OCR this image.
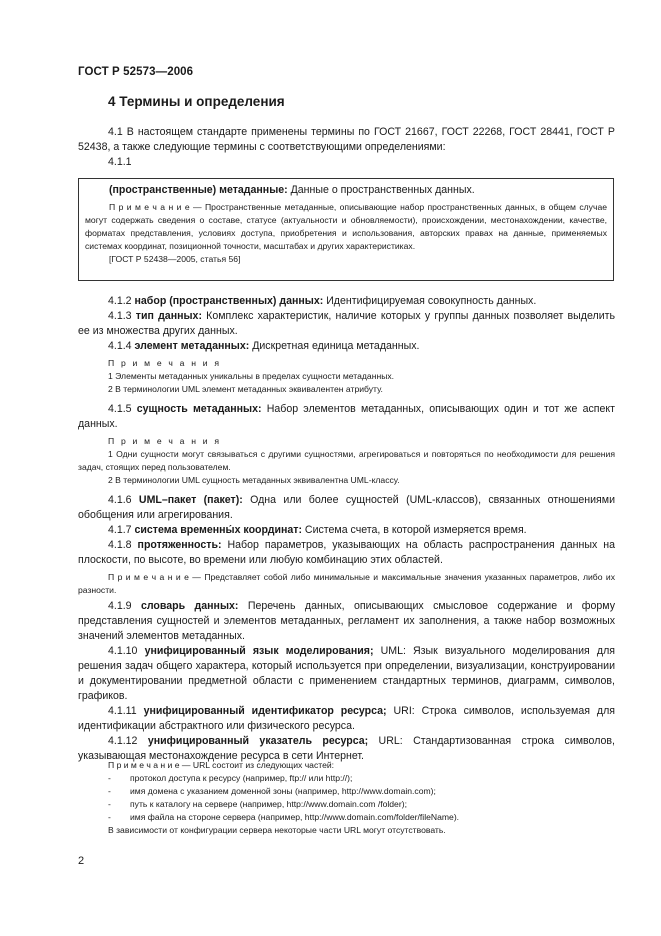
ГОСТ Р 52573—2006
4 Термины и определения

4.1 В настоящем стандарте применены термины по ГОСТ 21667, ГОСТ 22268, ГОСТ 28441, ГОСТ Р 52438, а также следующие термины с соответствующими определениями:

4.1.1

(пространственные) метаданные: Данные о пространственных данных.

П р и м е ч а н и е — Пространственные метаданные, описывающие набор пространственных данных, в общем случае могут содержать сведения о составе, статусе (актуальности и обновляемости), происхождении, местонахождении, качестве, форматах представления, условиях доступа, приобретения и использования, авторских правах на данные, применяемых системах координат, позиционной точности, масштабах и других характеристиках.

[ГОСТ Р 52438—2005, статья 56]

4.1.2 набор (пространственных) данных: Идентифицируемая совокупность данных.

4.1.3 тип данных: Комплекс характеристик, наличие которых у группы данных позволяет выделить ее из множества других данных.

4.1.4 элемент метаданных: Дискретная единица метаданных.

П р и м е ч а н и я

1 Элементы метаданных уникальны в пределах сущности метаданных.

2 В терминологии UML элемент метаданных эквивалентен атрибуту.

4.1.5 сущность метаданных: Набор элементов метаданных, описывающих один и тот же аспект данных.

П р и м е ч а н и я

1 Одни сущности могут связываться с другими сущностями, агрегироваться и повторяться по необходимости для решения задач, стоящих перед пользователем.

2 В терминологии UML сущность метаданных эквивалентна UML-классу.

4.1.6 UML–пакет (пакет): Одна или более сущностей (UML-классов), связанных отношениями обобщения или агрегирования.

4.1.7 система временны́х координат: Система счета, в которой измеряется время.

4.1.8 протяженность: Набор параметров, указывающих на область распространения данных на плоскости, по высоте, во времени или любую комбинацию этих областей.

П р и м е ч а н и е — Представляет собой либо минимальные и максимальные значения указанных параметров, либо их разности.

4.1.9 словарь данных: Перечень данных, описывающих смысловое содержание и форму представления сущностей и элементов метаданных, регламент их заполнения, а также набор возможных значений элементов метаданных.

4.1.10 унифицированный язык моделирования; UML: Язык визуального моделирования для решения задач общего характера, который используется при определении, визуализации, конструировании и документировании предметной области с применением стандартных терминов, диаграмм, символов, графиков.

4.1.11 унифицированный идентификатор ресурса; URI: Строка символов, используемая для идентификации абстрактного или физического ресурса.

4.1.12 унифицированный указатель ресурса; URL: Стандартизованная строка символов, указывающая местонахождение ресурса в сети Интернет.

П р и м е ч а н и е — URL состоит из следующих частей:

- протокол доступа к ресурсу (например, ftp:// или http://);

- имя домена с указанием доменной зоны (например, http://www.domain.com);

- путь к каталогу на сервере (например, http://www.domain.com /folder);

- имя файла на стороне сервера (например, http://www.domain.com/folder/fileName).

В зависимости от конфигурации сервера некоторые части URL могут отсутствовать.

2
